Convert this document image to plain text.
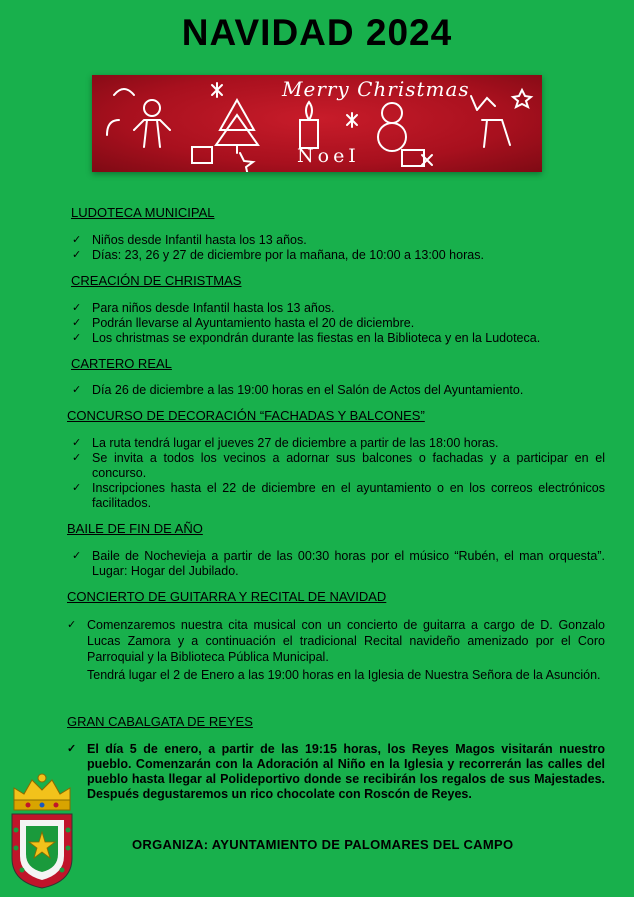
NAVIDAD 2024
Merry Christmas
NoeI
LUDOTECA MUNICIPAL
✓ Niños desde Infantil hasta los 13 años.
✓ Días: 23, 26 y 27 de diciembre por la mañana, de 10:00 a 13:00 horas.
CREACIÓN DE CHRISTMAS
✓ Para niños desde Infantil hasta los 13 años.
✓ Podrán llevarse al Ayuntamiento hasta el 20 de diciembre.
✓ Los christmas se expondrán durante las fiestas en la Biblioteca y en la Ludoteca.
CARTERO REAL
✓ Día 26 de diciembre a las 19:00 horas en el Salón de Actos del Ayuntamiento.
CONCURSO DE DECORACIÓN “FACHADAS Y BALCONES”
✓ La ruta tendrá lugar el jueves 27 de diciembre a partir de las 18:00 horas.
✓ Se invita a todos los vecinos a adornar sus balcones o fachadas y a participar en el concurso.
✓ Inscripciones hasta el 22 de diciembre en el ayuntamiento o en los correos electrónicos facilitados.
BAILE DE FIN DE AÑO
✓ Baile de Nochevieja a partir de las 00:30 horas por el músico “Rubén, el man orquesta”. Lugar: Hogar del Jubilado.
CONCIERTO DE GUITARRA Y RECITAL DE NAVIDAD
✓ Comenzaremos nuestra cita musical con un concierto de guitarra a cargo de D. Gonzalo Lucas Zamora y a continuación el tradicional Recital navideño amenizado por el Coro Parroquial y la Biblioteca Pública Municipal.
Tendrá lugar el 2 de Enero a las 19:00 horas en la Iglesia de Nuestra Señora de la Asunción.
GRAN CABALGATA DE REYES
✓ El día 5 de enero, a partir de las 19:15 horas, los Reyes Magos visitarán nuestro pueblo. Comenzarán con la Adoración al Niño en la Iglesia y recorrerán las calles del pueblo hasta llegar al Polideportivo donde se recibirán los regalos de sus Majestades. Después degustaremos un rico chocolate con Roscón de Reyes.
ORGANIZA: AYUNTAMIENTO DE PALOMARES DEL CAMPO
